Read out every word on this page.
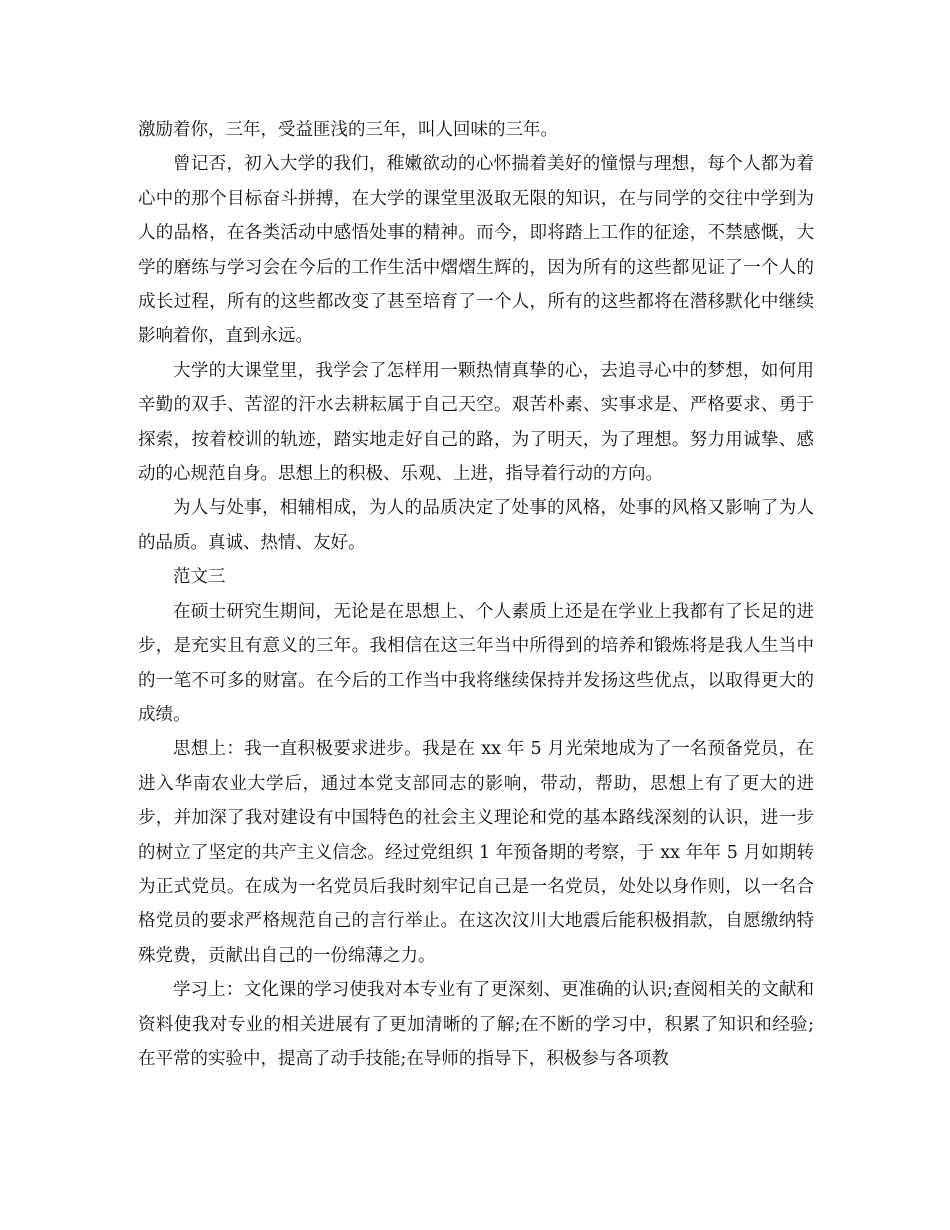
激励着你，三年，受益匪浅的三年，叫人回味的三年。

曾记否，初入大学的我们，稚嫩欲动的心怀揣着美好的憧憬与理想，每个人都为着心中的那个目标奋斗拼搏，在大学的课堂里汲取无限的知识，在与同学的交往中学到为人的品格，在各类活动中感悟处事的精神。而今，即将踏上工作的征途，不禁感慨，大学的磨练与学习会在今后的工作生活中熠熠生辉的，因为所有的这些都见证了一个人的成长过程，所有的这些都改变了甚至培育了一个人，所有的这些都将在潜移默化中继续影响着你，直到永远。

大学的大课堂里，我学会了怎样用一颗热情真挚的心，去追寻心中的梦想，如何用辛勤的双手、苦涩的汗水去耕耘属于自己天空。艰苦朴素、实事求是、严格要求、勇于探索，按着校训的轨迹，踏实地走好自己的路，为了明天，为了理想。努力用诚挚、感动的心规范自身。思想上的积极、乐观、上进，指导着行动的方向。

为人与处事，相辅相成，为人的品质决定了处事的风格，处事的风格又影响了为人的品质。真诚、热情、友好。

范文三

在硕士研究生期间，无论是在思想上、个人素质上还是在学业上我都有了长足的进步，是充实且有意义的三年。我相信在这三年当中所得到的培养和锻炼将是我人生当中的一笔不可多的财富。在今后的工作当中我将继续保持并发扬这些优点，以取得更大的成绩。

思想上：我一直积极要求进步。我是在 xx 年 5 月光荣地成为了一名预备党员，在进入华南农业大学后，通过本党支部同志的影响，带动，帮助，思想上有了更大的进步，并加深了我对建设有中国特色的社会主义理论和党的基本路线深刻的认识，进一步的树立了坚定的共产主义信念。经过党组织 1 年预备期的考察，于 xx 年年 5 月如期转为正式党员。在成为一名党员后我时刻牢记自己是一名党员，处处以身作则，以一名合格党员的要求严格规范自己的言行举止。在这次汶川大地震后能积极捐款，自愿缴纳特殊党费，贡献出自己的一份绵薄之力。

学习上：文化课的学习使我对本专业有了更深刻、更准确的认识;查阅相关的文献和资料使我对专业的相关进展有了更加清晰的了解;在不断的学习中，积累了知识和经验;在平常的实验中，提高了动手技能;在导师的指导下，积极参与各项教
